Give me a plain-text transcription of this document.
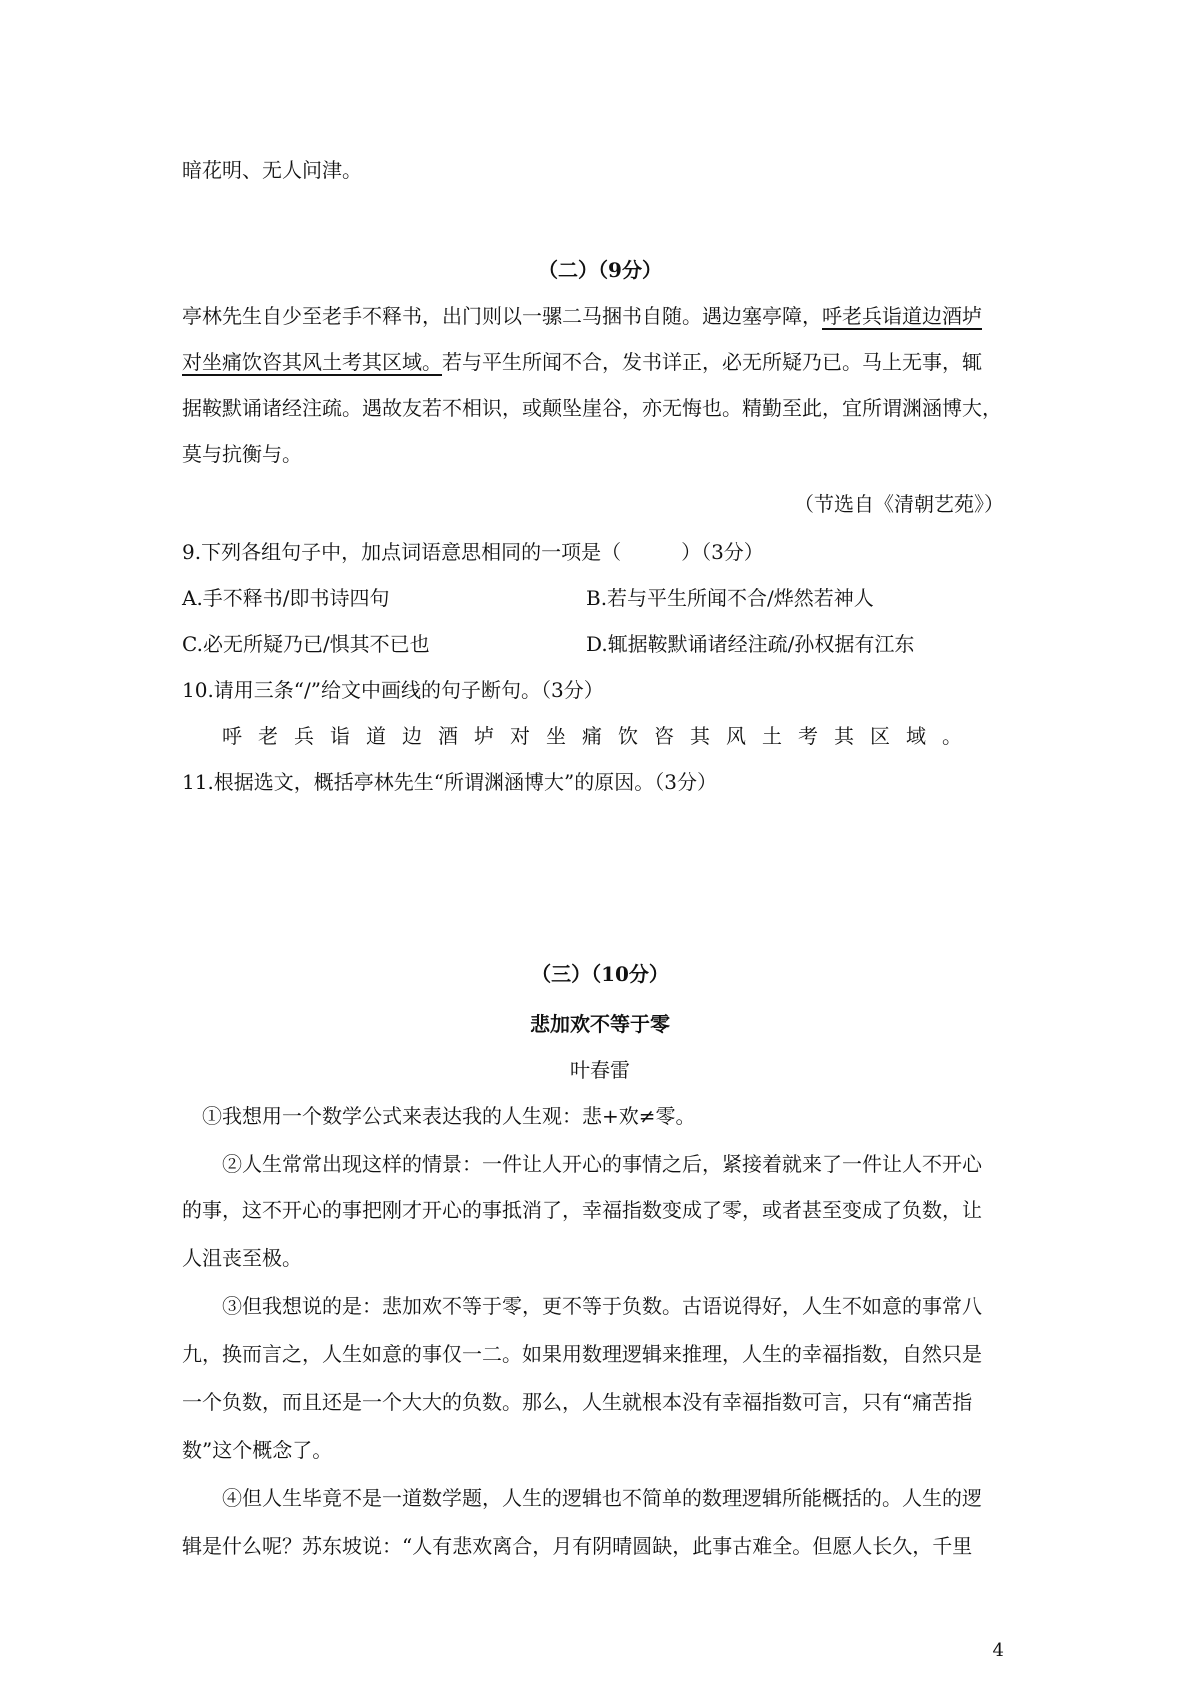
暗花明、无人问津。
（二）（9分）
亭林先生自少至老手不释书，出门则以一骡二马捆书自随。遇边塞亭障，呼老兵诣道边酒垆
对坐痛饮咨其风土考其区域。若与平生所闻不合，发书详正，必无所疑乃已。马上无事，辄
据鞍默诵诸经注疏。遇故友若不相识，或颠坠崖谷，亦无悔也。精勤至此，宜所谓渊涵博大，
莫与抗衡与。
（节选自《清朝艺苑》）
9.下列各组句子中，加点词语意思相同的一项是（　　　）（3分）
A.手不释书/即书诗四句	B.若与平生所闻不合/烨然若神人
C.必无所疑乃已/惧其不已也	D.辄据鞍默诵诸经注疏/孙权据有江东
10.请用三条“/”给文中画线的句子断句。（3分）
呼老兵诣道边酒垆对坐痛饮咨其风土考其区域。
11.根据选文，概括亭林先生“所谓渊涵博大”的原因。（3分）
（三）（10分）
悲加欢不等于零
叶春雷
①我想用一个数学公式来表达我的人生观：悲+欢≠零。
②人生常常出现这样的情景：一件让人开心的事情之后，紧接着就来了一件让人不开心
的事，这不开心的事把刚才开心的事抵消了，幸福指数变成了零，或者甚至变成了负数，让
人沮丧至极。
③但我想说的是：悲加欢不等于零，更不等于负数。古语说得好，人生不如意的事常八
九，换而言之，人生如意的事仅一二。如果用数理逻辑来推理，人生的幸福指数，自然只是
一个负数，而且还是一个大大的负数。那么，人生就根本没有幸福指数可言，只有“痛苦指
数”这个概念了。
④但人生毕竟不是一道数学题，人生的逻辑也不简单的数理逻辑所能概括的。人生的逻
辑是什么呢？苏东坡说：“人有悲欢离合，月有阴晴圆缺，此事古难全。但愿人长久，千里
4
